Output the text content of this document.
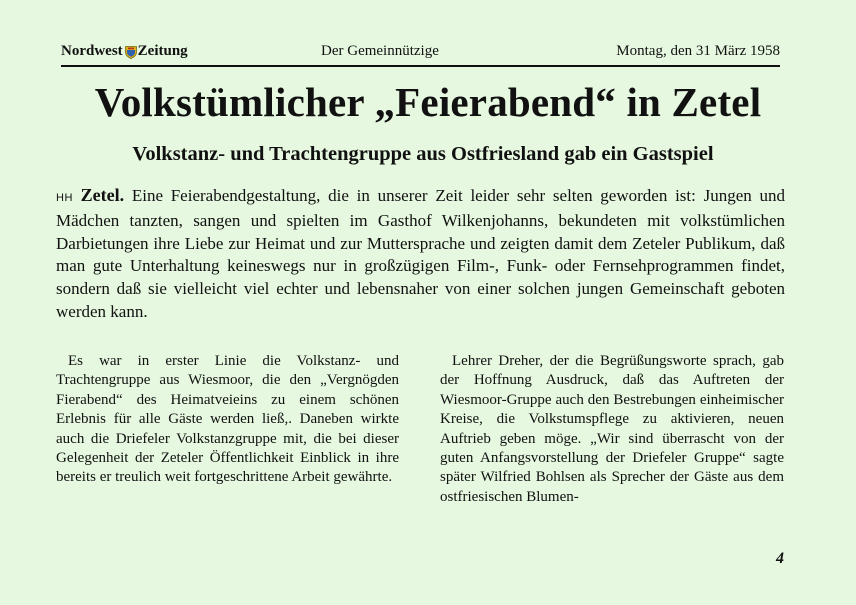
Nordwest Zeitung	Der Gemeinnützige	Montag, den 31 März 1958
Volkstümlicher „Feierabend“ in Zetel
Volkstanz- und Trachtengruppe aus Ostfriesland gab ein Gastspiel
HH Zetel. Eine Feierabendgestaltung, die in unserer Zeit leider sehr selten geworden ist: Jungen und Mädchen tanzten, sangen und spielten im Gasthof Wilkenjohanns, bekundeten mit volkstümlichen Darbietungen ihre Liebe zur Heimat und zur Muttersprache und zeigten damit dem Zeteler Publikum, daß man gute Unterhaltung keineswegs nur in großzügigen Film-, Funk- oder Fernsehprogrammen findet, sondern daß sie vielleicht viel echter und lebensnaher von einer solchen jungen Gemeinschaft geboten werden kann.

Es war in erster Linie die Volkstanz- und Trachtengruppe aus Wiesmoor, die den „Vergnögden Fierabend“ des Heimatveieins zu einem schönen Erlebnis für alle Gäste werden ließ,. Daneben wirkte auch die Driefeler Volkstanzgruppe mit, die bei dieser Gelegenheit der Zeteler Öffentlichkeit Einblick in ihre bereits er treulich weit fortgeschrittene Arbeit gewährte.

Lehrer Dreher, der die Begrüßungsworte sprach, gab der Hoffnung Ausdruck, daß das Auftreten der Wiesmoor-Gruppe auch den Bestrebungen einheimischer Kreise, die Volkstumspflege zu aktivieren, neuen Auftrieb geben möge. „Wir sind überrascht von der guten Anfangsvorstellung der Driefeler Gruppe“ sagte später Wilfried Bohlsen als Sprecher der Gäste aus dem ostfriesischen Blumen-

4
